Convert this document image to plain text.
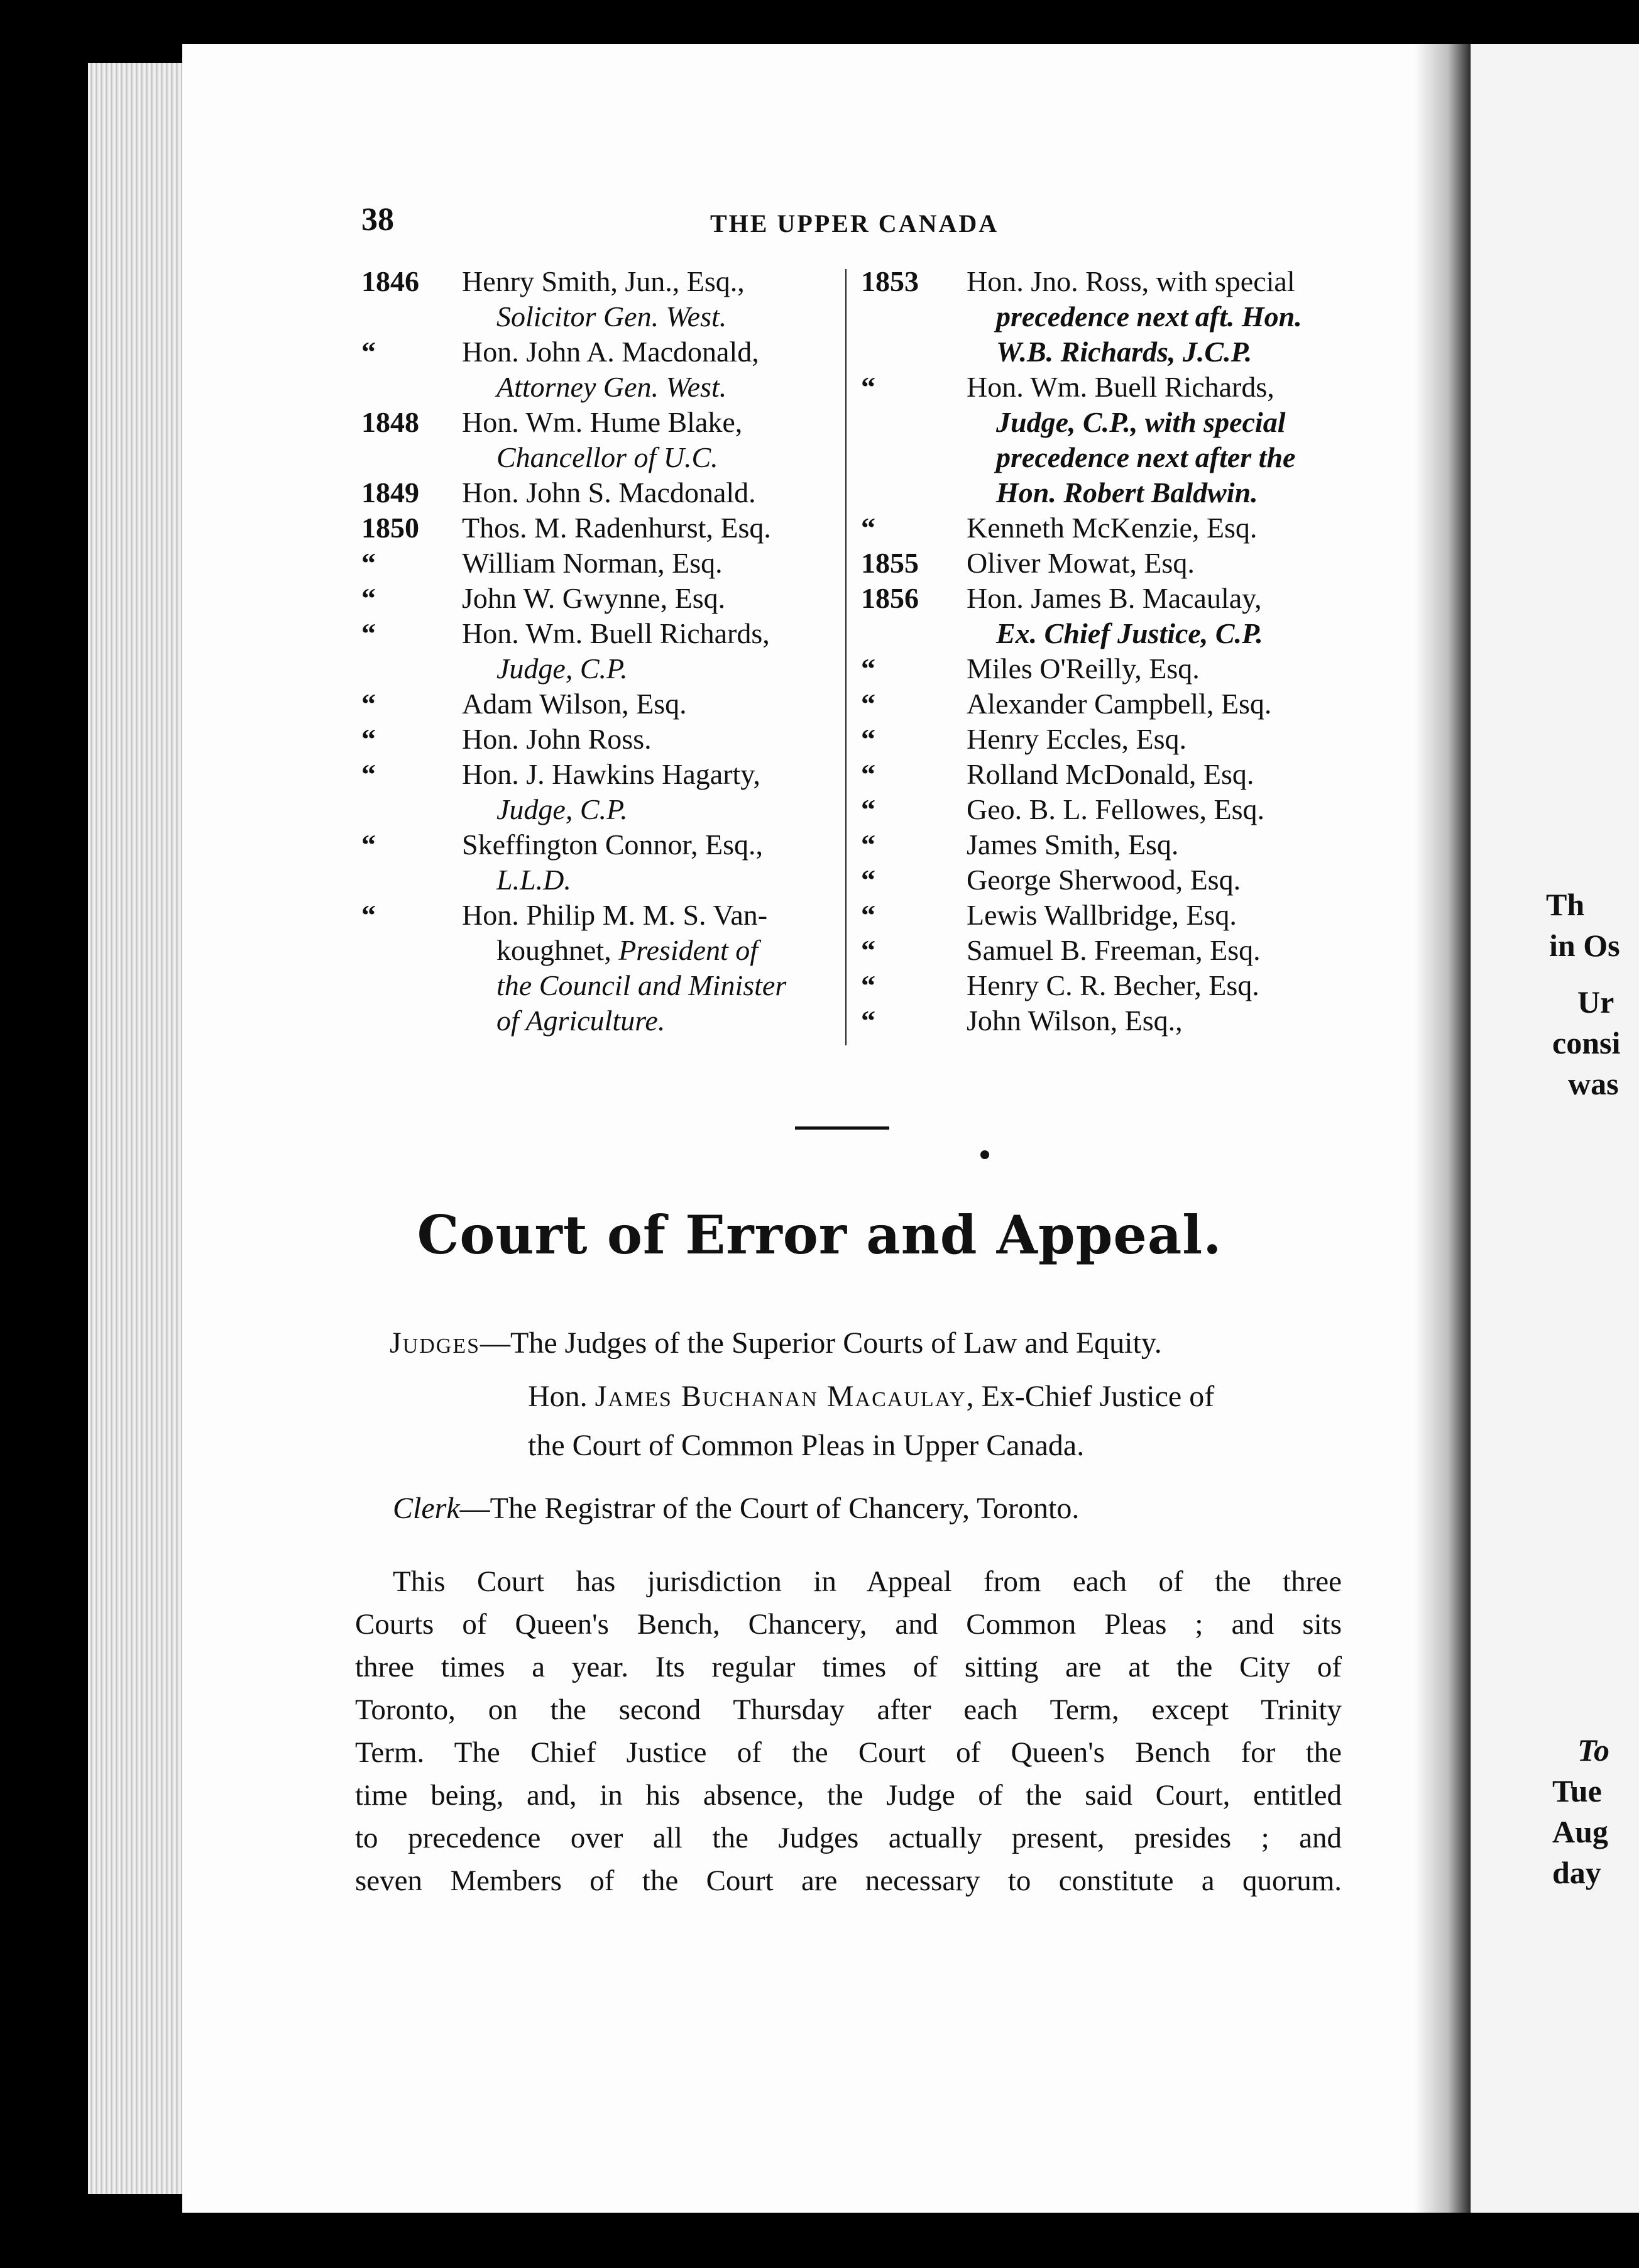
Th
in Os
Ur
consi
was
To
Tue
Aug
day
38	THE UPPER CANADA
1846	Henry Smith, Jun., Esq.,
Solicitor Gen. West.
“	Hon. John A. Macdonald,
Attorney Gen. West.
1848	Hon. Wm. Hume Blake,
Chancellor of U.C.
1849	Hon. John S. Macdonald.
1850	Thos. M. Radenhurst, Esq.
“	William Norman, Esq.
“	John W. Gwynne, Esq.
“	Hon. Wm. Buell Richards,
Judge, C.P.
“	Adam Wilson, Esq.
“	Hon. John Ross.
“	Hon. J. Hawkins Hagarty,
Judge, C.P.
“	Skeffington Connor, Esq.,
L.L.D.
“	Hon. Philip M. M. S. Van-
koughnet, President of
the Council and Minister
of Agriculture.
1853	Hon. Jno. Ross, with special
precedence next aft. Hon.
W.B. Richards, J.C.P.
“	Hon. Wm. Buell Richards,
Judge, C.P., with special
precedence next after the
Hon. Robert Baldwin.
“	Kenneth McKenzie, Esq.
1855	Oliver Mowat, Esq.
1856	Hon. James B. Macaulay,
Ex. Chief Justice, C.P.
“	Miles O'Reilly, Esq.
“	Alexander Campbell, Esq.
“	Henry Eccles, Esq.
“	Rolland McDonald, Esq.
“	Geo. B. L. Fellowes, Esq.
“	James Smith, Esq.
“	George Sherwood, Esq.
“	Lewis Wallbridge, Esq.
“	Samuel B. Freeman, Esq.
“	Henry C. R. Becher, Esq.
“	John Wilson, Esq.,
Court of Error and Appeal.
Judges—The Judges of the Superior Courts of Law and Equity.
Hon. James Buchanan Macaulay, Ex-Chief Justice of
the Court of Common Pleas in Upper Canada.
Clerk—The Registrar of the Court of Chancery, Toronto.
This Court has jurisdiction in Appeal from each of the three
Courts of Queen's Bench, Chancery, and Common Pleas ; and sits
three times a year. Its regular times of sitting are at the City of
Toronto, on the second Thursday after each Term, except Trinity
Term. The Chief Justice of the Court of Queen's Bench for the
time being, and, in his absence, the Judge of the said Court, entitled
to precedence over all the Judges actually present, presides ; and
seven Members of the Court are necessary to constitute a quorum.
